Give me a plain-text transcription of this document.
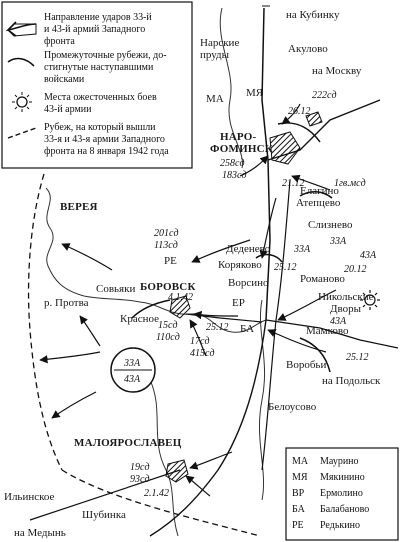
Направление ударов 33-й
и 43-й армий Западного
фронта
Промежуточные рубежи, до-
стигнутые наступавшими
войсками
Места ожесточенных боев
43-й армии
Рубеж, на который вышли
33-я и 43-я армии Западного
фронта на 8 января 1942 года
на Кубинку
Нарские
пруды	Акулово
на Москву
МА МЯ
НАРО-
ФОМИНСК
ВЕРЕЯ
Елагино
Атепцево
Слизнево
Деденево
Коряково
Ворсино	Романово
РЕ
БОРОВСК
Совьяки
р. Протва
Красное
ЕР
БА
Никольские
Дворы
Мамково
Воробьи
на Подольск
Белоусово
МАЛОЯРОСЛАВЕЦ
Ильинское
Шубинка
на Медынь
222сд
26.12
258сд
183сд
21.12	1гв.мсд
33А
43А
20.12
201сд
113сд
25.12
33А
25.12
4.1.42
15сд
110сд 17сд
415сд
43А
25.12
33А
43А
19сд
93сд
2.1.42
МА Маурино
МЯ Мякинино
ВР Ермолино
БА Балабаново
РЕ Редькино
